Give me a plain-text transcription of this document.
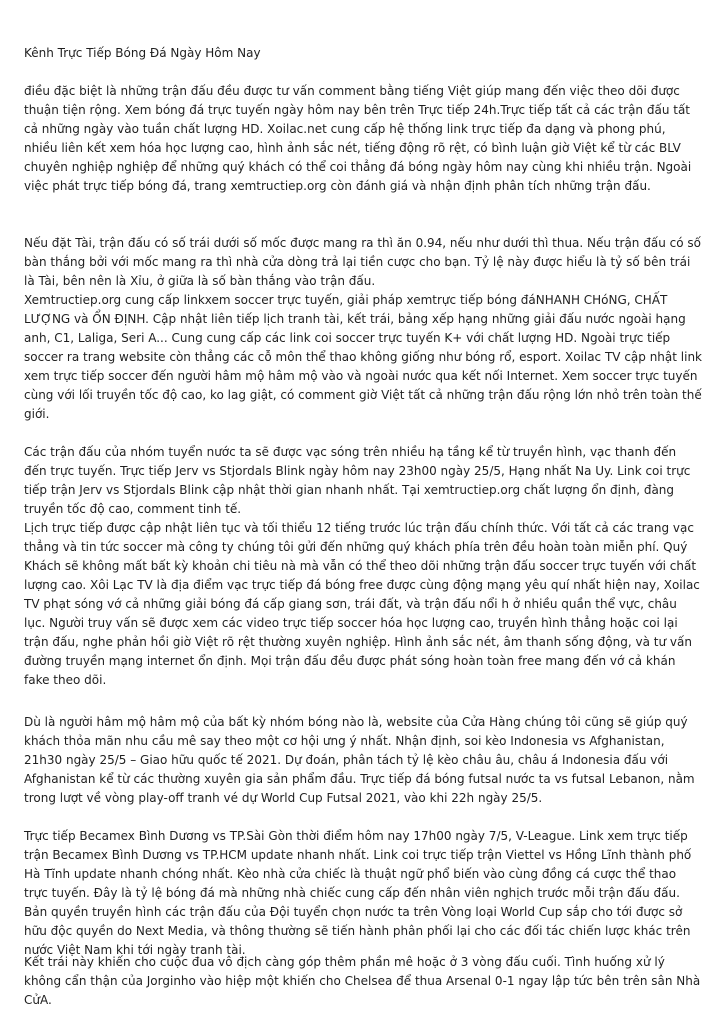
Kênh Trực Tiếp Bóng Đá Ngày Hôm Nay

điều đặc biệt là những trận đấu đều được tư vấn comment bằng tiếng Việt giúp mang đến việc theo dõi được thuận tiện rộng. Xem bóng đá trực tuyến ngày hôm nay bên trên Trực tiếp 24h.Trực tiếp tất cả các trận đấu tất cả những ngày vào tuần chất lượng HD. Xoilac.net cung cấp hệ thống link trực tiếp đa dạng và phong phú, nhiều liên kết xem hóa học lượng cao, hình ảnh sắc nét, tiếng động rõ rệt, có bình luận giờ Việt kể từ các BLV chuyên nghiệp nghiệp để những quý khách có thể coi thẳng đá bóng ngày hôm nay cùng khi nhiều trận. Ngoài việc phát trực tiếp bóng đá, trang xemtructiep.org còn đánh giá và nhận định phân tích những trận đấu.

Nếu đặt Tài, trận đấu có số trái dưới số mốc được mang ra thì ăn 0.94, nếu như dưới thì thua. Nếu trận đấu có số bàn thắng bởi với mốc mang ra thì nhà cửa dòng trả lại tiền cược cho bạn. Tỷ lệ này được hiểu là tỷ số bên trái là Tài, bên nên là Xỉu, ở giữa là số bàn thắng vào trận đấu.

Xemtructiep.org cung cấp linkxem soccer trực tuyến, giải pháp xemtrực tiếp bóng đáNHANH CHóNG, CHẤT LƯỢNG và ỔN ĐỊNH. Cập nhật liên tiếp lịch tranh tài, kết trái, bảng xếp hạng những giải đấu nước ngoài hạng anh, C1, Laliga, Seri A... Cung cung cấp các link coi soccer trực tuyến K+ với chất lượng HD. Ngoài trực tiếp soccer ra trang website còn thẳng các cỗ môn thể thao không giống như bóng rổ, esport. Xoilac TV cập nhật link xem trực tiếp soccer đến người hâm mộ hâm mộ vào và ngoài nước qua kết nối Internet. Xem soccer trực tuyến cùng với lối truyền tốc độ cao, ko lag giật, có comment giờ Việt tất cả những trận đấu rộng lớn nhỏ trên toàn thế giới.

Các trận đấu của nhóm tuyển nước ta sẽ được vạc sóng trên nhiều hạ tầng kể từ truyền hình, vạc thanh đến đến trực tuyến. Trực tiếp Jerv vs Stjordals Blink ngày hôm nay 23h00 ngày 25/5, Hạng nhất Na Uy. Link coi trực tiếp trận Jerv vs Stjordals Blink cập nhật thời gian nhanh nhất. Tại xemtructiep.org chất lượng ổn định, đàng truyền tốc độ cao, comment tinh tế.

Lịch trực tiếp được cập nhật liên tục và tối thiểu 12 tiếng trước lúc trận đấu chính thức. Với tất cả các trang vạc thẳng và tin tức soccer mà công ty chúng tôi gửi đến những quý khách phía trên đều hoàn toàn miễn phí. Quý Khách sẽ không mất bất kỳ khoản chi tiêu nà mà vẫn có thể theo dõi những trận đấu soccer trực tuyến với chất lượng cao. Xôi Lạc TV là địa điểm vạc trực tiếp đá bóng free được cùng động mạng yêu quí nhất hiện nay, Xoilac TV phạt sóng vớ cả những giải bóng đá cấp giang sơn, trái đất, và trận đấu nổi h ở nhiều quần thể vực, châu lục. Người truy vấn sẽ được xem các video trực tiếp soccer hóa học lượng cao, truyền hình thẳng hoặc coi lại trận đấu, nghe phản hồi giờ Việt rõ rệt thường xuyên nghiệp. Hình ảnh sắc nét, âm thanh sống động, và tư vấn đường truyền mạng internet ổn định. Mọi trận đấu đều được phát sóng hoàn toàn free mang đến vớ cả khán fake theo dõi.

Dù là người hâm mộ hâm mộ của bất kỳ nhóm bóng nào là, website của Cửa Hàng chúng tôi cũng sẽ giúp quý khách thỏa mãn nhu cầu mê say theo một cơ hội ưng ý nhất. Nhận định, soi kèo Indonesia vs Afghanistan, 21h30 ngày 25/5 – Giao hữu quốc tế 2021. Dự đoán, phân tách tỷ lệ kèo châu âu, châu á Indonesia đấu với Afghanistan kể từ các thường xuyên gia sản phẩm đầu. Trực tiếp đá bóng futsal nước ta vs futsal Lebanon, nằm trong lượt về vòng play-off tranh vé dự World Cup Futsal 2021, vào khi 22h ngày 25/5.

Trực tiếp Becamex Bình Dương vs TP.Sài Gòn thời điểm hôm nay 17h00 ngày 7/5, V-League. Link xem trực tiếp trận Becamex Bình Dương vs TP.HCM update nhanh nhất. Link coi trực tiếp trận Viettel vs Hồng Lĩnh thành phố Hà Tĩnh update nhanh chóng nhất. Kèo nhà cửa chiếc là thuật ngữ phổ biến vào cùng đồng cá cược thể thao trực tuyến. Đây là tỷ lệ bóng đá mà những nhà chiếc cung cấp đến nhân viên nghịch trước mỗi trận đấu đấu. Bản quyền truyền hình các trận đấu của Đội tuyển chọn nước ta trên Vòng loại World Cup sắp cho tới được sở hữu độc quyền do Next Media, và thông thường sẽ tiến hành phân phối lại cho các đối tác chiến lược khác trên nước Việt Nam khi tới ngày tranh tài.

Kết trái này khiến cho cuộc đua vô địch càng góp thêm phần mê hoặc ở 3 vòng đấu cuối. Tình huống xử lý không cẩn thận của Jorginho vào hiệp một khiến cho Chelsea để thua Arsenal 0-1 ngay lập tức bên trên sân Nhà CửA.
